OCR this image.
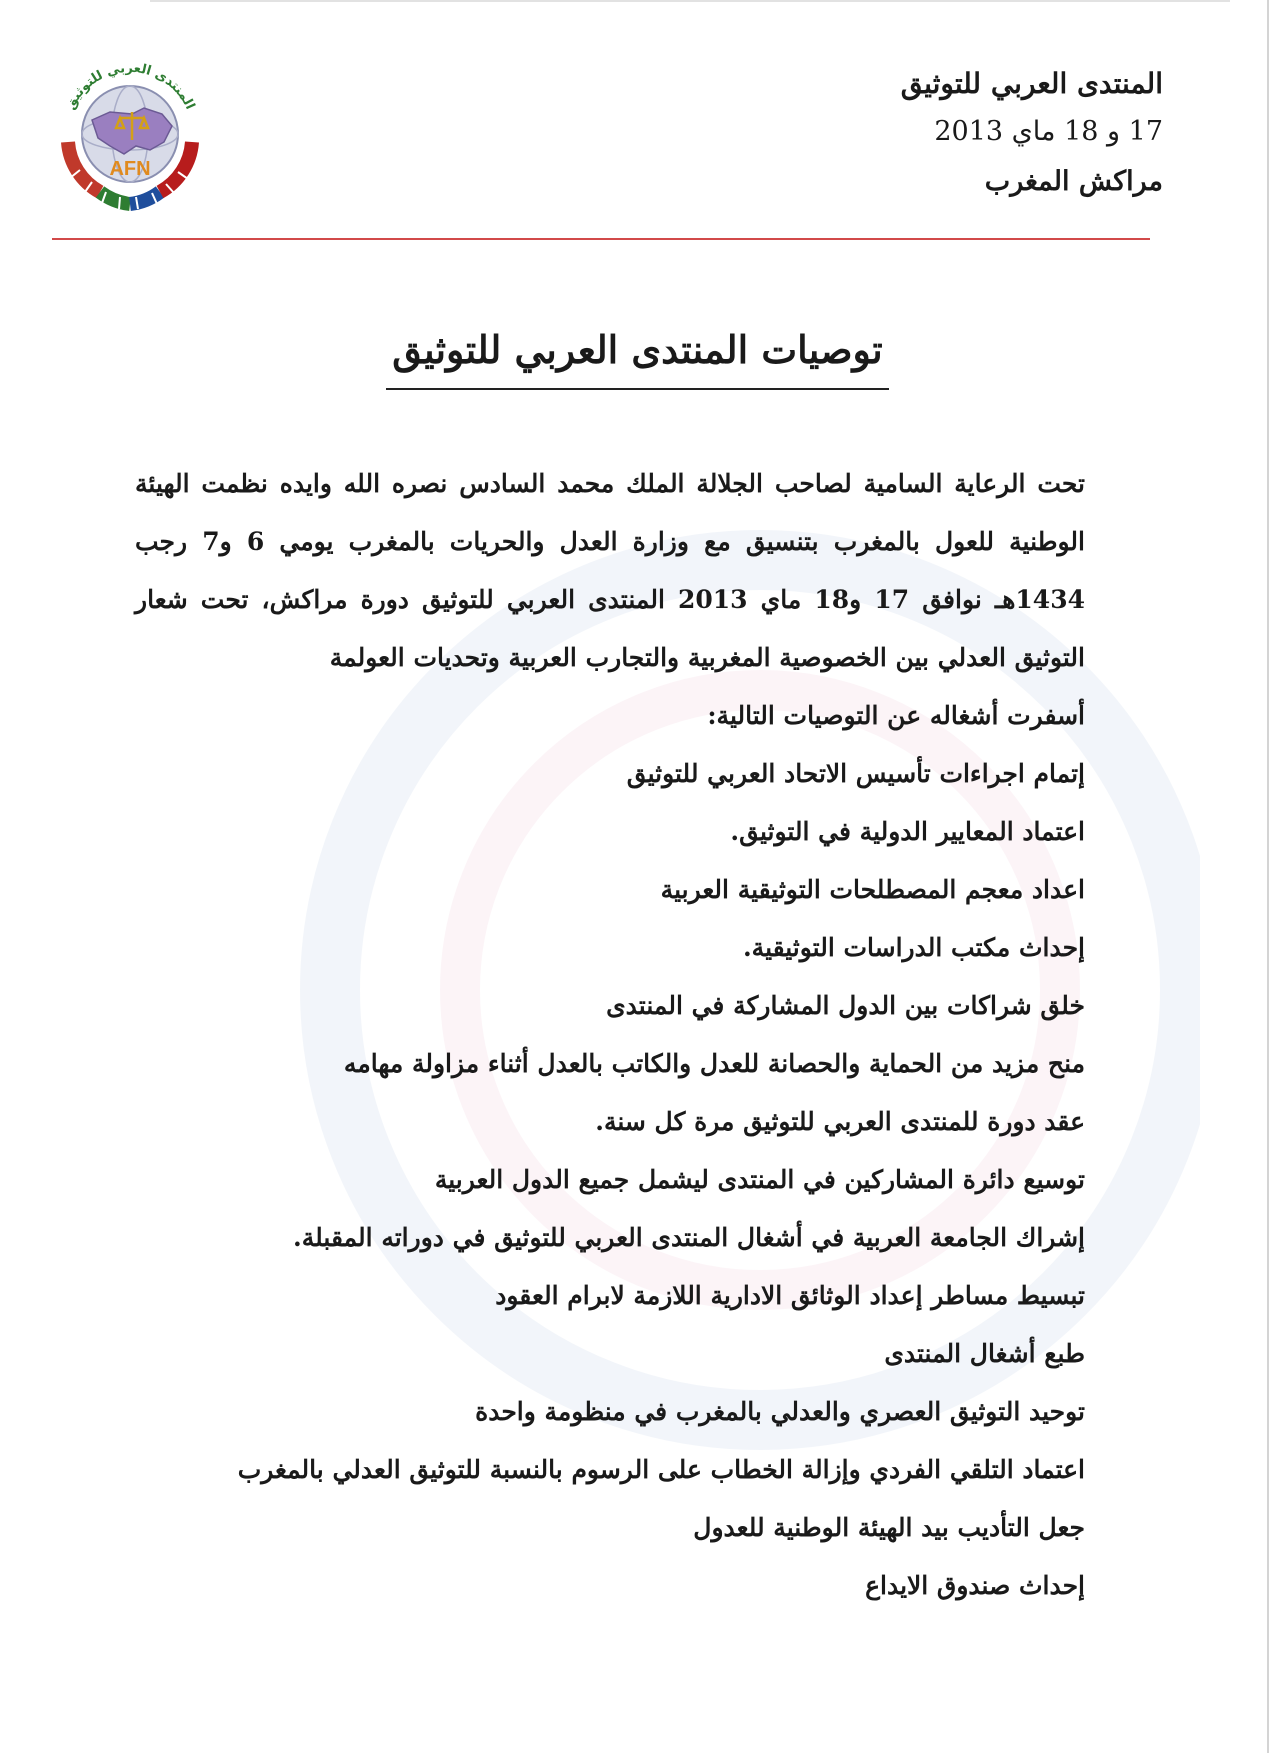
AFN
المنتدى العربي للتوثيق
المنتدى العربي للتوثيق
17 و 18 ماي 2013
مراكش المغرب
توصيات المنتدى العربي للتوثيق
تحت الرعاية السامية لصاحب الجلالة الملك محمد السادس نصره الله وايده نظمت الهيئة
الوطنية للعول بالمغرب بتنسيق مع وزارة العدل والحريات بالمغرب يومي 6 و7 رجب
1434هـ نوافق 17 و18 ماي 2013 المنتدى العربي للتوثيق دورة مراكش، تحت شعار
التوثيق العدلي بين الخصوصية المغربية والتجارب العربية وتحديات العولمة
أسفرت أشغاله عن التوصيات التالية:
إتمام اجراءات تأسيس الاتحاد العربي للتوثيق
اعتماد المعايير الدولية في التوثيق.
اعداد معجم المصطلحات التوثيقية العربية
إحداث مكتب الدراسات التوثيقية.
خلق شراكات بين الدول المشاركة في المنتدى
منح مزيد من الحماية والحصانة للعدل والكاتب بالعدل أثناء مزاولة مهامه
عقد دورة للمنتدى العربي للتوثيق مرة كل سنة.
توسيع دائرة المشاركين في المنتدى ليشمل جميع الدول العربية
إشراك الجامعة العربية في أشغال المنتدى العربي للتوثيق في دوراته المقبلة.
تبسيط مساطر إعداد الوثائق الادارية اللازمة لابرام العقود
طبع أشغال المنتدى
توحيد التوثيق العصري والعدلي بالمغرب في منظومة واحدة
اعتماد التلقي الفردي وإزالة الخطاب على الرسوم بالنسبة للتوثيق العدلي بالمغرب
جعل التأديب بيد الهيئة الوطنية للعدول
إحداث صندوق الايداع
